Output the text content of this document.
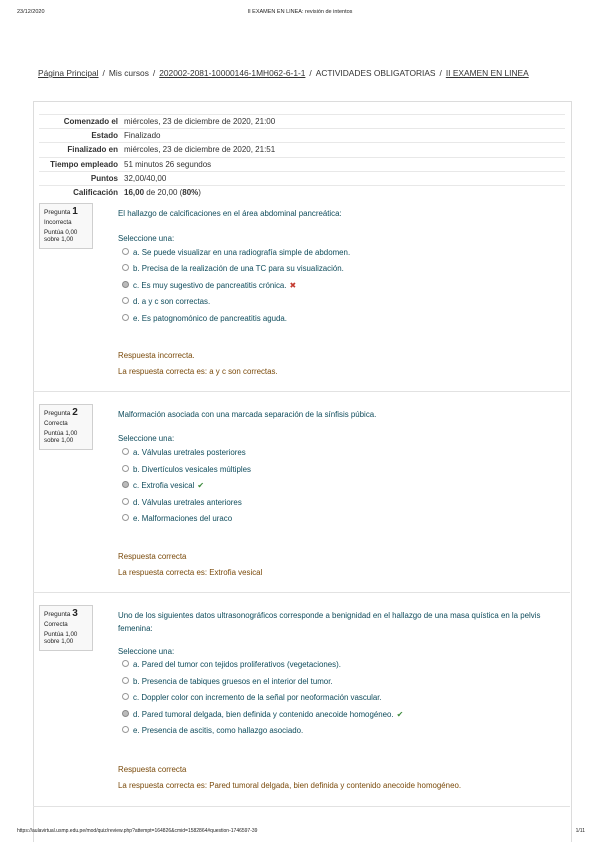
23/12/2020	II EXAMEN EN LINEA: revisión de intentos
Página Principal / Mis cursos / 202002-2081-10000146-1MH062-6-1-1 / ACTIVIDADES OBLIGATORIAS / II EXAMEN EN LINEA
Comenzado el	miércoles, 23 de diciembre de 2020, 21:00
Estado	Finalizado
Finalizado en	miércoles, 23 de diciembre de 2020, 21:51
Tiempo empleado	51 minutos 26 segundos
Puntos	32,00/40,00
Calificación	16,00 de 20,00 (80%)
Pregunta 1
Incorrecta
Puntúa 0,00
sobre 1,00
El hallazgo de calcificaciones en el área abdominal pancreática:
Seleccione una:
a. Se puede visualizar en una radiografía simple de abdomen.
b. Precisa de la realización de una TC para su visualización.
c. Es muy sugestivo de pancreatitis crónica. ✖
d. a y c son correctas.
e. Es patognomónico de pancreatitis aguda.
Respuesta incorrecta.
La respuesta correcta es: a y c son correctas.
Pregunta 2
Correcta
Puntúa 1,00
sobre 1,00
Malformación asociada con una marcada separación de la sínfisis púbica.
Seleccione una:
a. Válvulas uretrales posteriores
b. Divertículos vesicales múltiples
c. Extrofia vesical ✔
d. Válvulas uretrales anteriores
e. Malformaciones del uraco
Respuesta correcta
La respuesta correcta es: Extrofia vesical
Pregunta 3
Correcta
Puntúa 1,00
sobre 1,00
Uno de los siguientes datos ultrasonográficos corresponde a benignidad en el hallazgo de una masa quística en la pelvis
femenina:
Seleccione una:
a. Pared del tumor con tejidos proliferativos (vegetaciones).
b. Presencia de tabiques gruesos en el interior del tumor.
c. Doppler color con incremento de la señal por neoformación vascular.
d. Pared tumoral delgada, bien definida y contenido anecoide homogéneo. ✔
e. Presencia de ascitis, como hallazgo asociado.
Respuesta correcta
La respuesta correcta es: Pared tumoral delgada, bien definida y contenido anecoide homogéneo.
https://aulavirtual.usmp.edu.pe/mod/quiz/review.php?attempt=164826&cmid=1582864#question-1746597-39	1/11
